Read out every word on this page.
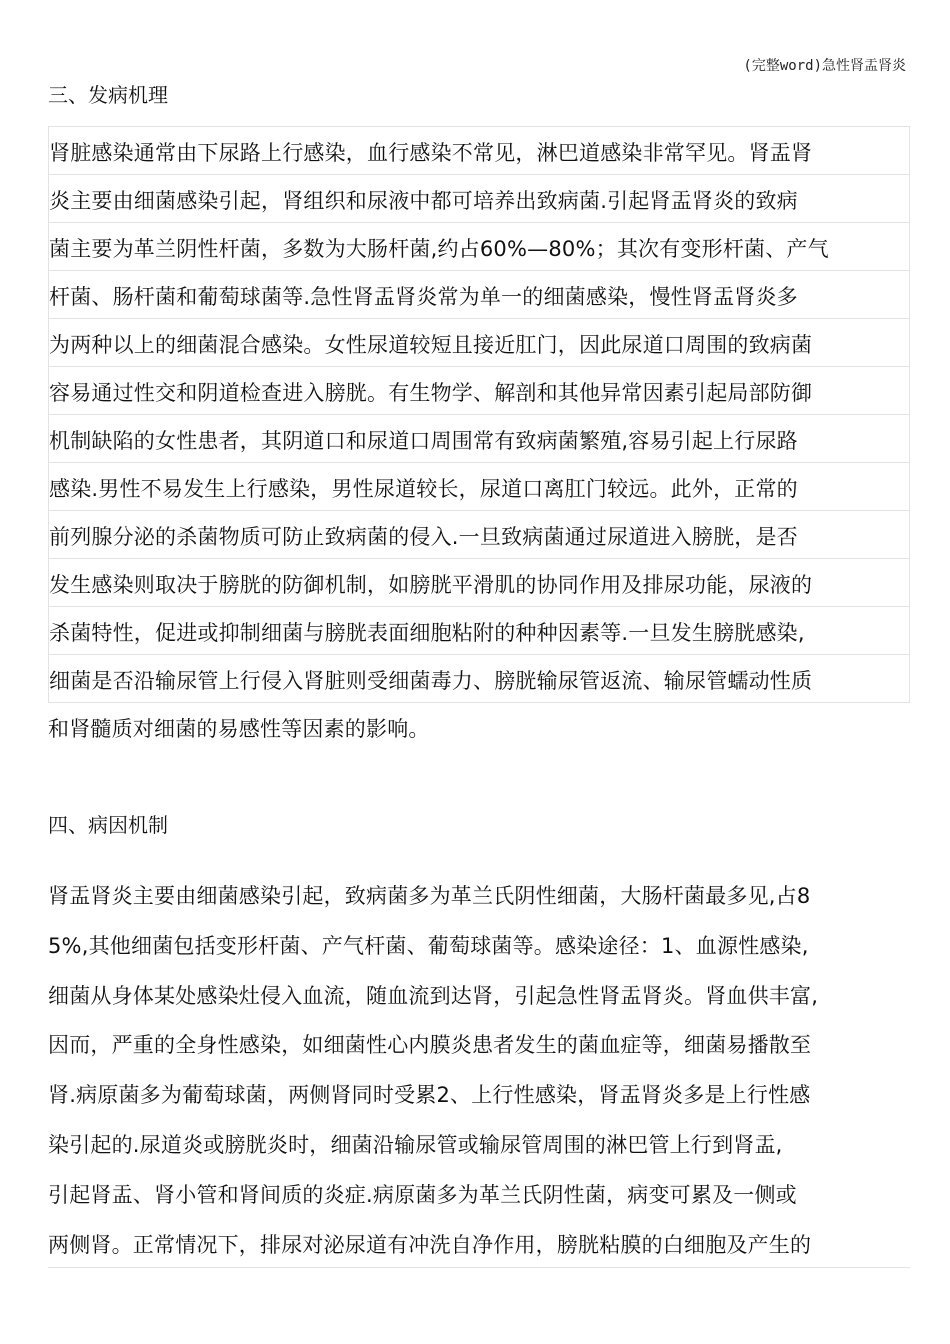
(完整word)急性肾盂肾炎
三、发病机理
肾脏感染通常由下尿路上行感染，血行感染不常见，淋巴道感染非常罕见。肾盂肾
炎主要由细菌感染引起，肾组织和尿液中都可培养出致病菌.引起肾盂肾炎的致病
菌主要为革兰阴性杆菌，多数为大肠杆菌,约占60%—80%；其次有变形杆菌、产气
杆菌、肠杆菌和葡萄球菌等.急性肾盂肾炎常为单一的细菌感染，慢性肾盂肾炎多
为两种以上的细菌混合感染。女性尿道较短且接近肛门，因此尿道口周围的致病菌
容易通过性交和阴道检查进入膀胱。有生物学、解剖和其他异常因素引起局部防御
机制缺陷的女性患者，其阴道口和尿道口周围常有致病菌繁殖,容易引起上行尿路
感染.男性不易发生上行感染，男性尿道较长，尿道口离肛门较远。此外，正常的
前列腺分泌的杀菌物质可防止致病菌的侵入.一旦致病菌通过尿道进入膀胱，是否
发生感染则取决于膀胱的防御机制，如膀胱平滑肌的协同作用及排尿功能，尿液的
杀菌特性，促进或抑制细菌与膀胱表面细胞粘附的种种因素等.一旦发生膀胱感染,
细菌是否沿输尿管上行侵入肾脏则受细菌毒力、膀胱输尿管返流、输尿管蠕动性质
和肾髓质对细菌的易感性等因素的影响。
四、病因机制
肾盂肾炎主要由细菌感染引起，致病菌多为革兰氏阴性细菌，大肠杆菌最多见,占8
5%,其他细菌包括变形杆菌、产气杆菌、葡萄球菌等。感染途径：1、血源性感染,
细菌从身体某处感染灶侵入血流，随血流到达肾，引起急性肾盂肾炎。肾血供丰富,
因而，严重的全身性感染，如细菌性心内膜炎患者发生的菌血症等，细菌易播散至
肾.病原菌多为葡萄球菌，两侧肾同时受累2、上行性感染，肾盂肾炎多是上行性感
染引起的.尿道炎或膀胱炎时，细菌沿输尿管或输尿管周围的淋巴管上行到肾盂,
引起肾盂、肾小管和肾间质的炎症.病原菌多为革兰氏阴性菌，病变可累及一侧或
两侧肾。正常情况下，排尿对泌尿道有冲洗自净作用，膀胱粘膜的白细胞及产生的
